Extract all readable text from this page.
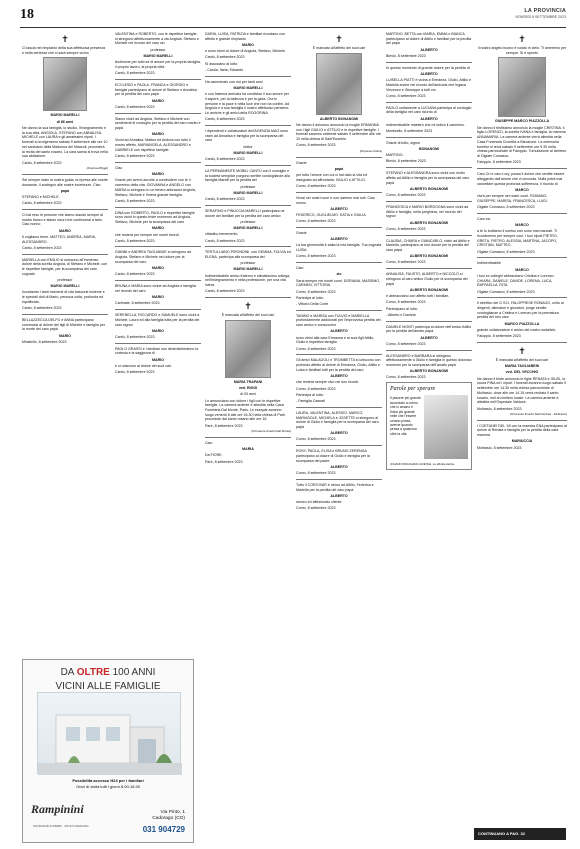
18	LA PROVINCIA
VENERDÌ 8 SETTEMBRE 2023
✝

Ci lascia nel rimpianto della sua affettuosa presenza e nella certezza che ci sarà sempre vicino

MARIO MARELLI

di 86 anni

Ne danno la sua famiglia, lo studio, l'insegnamento e la sua città, ANGIOLA, STEFANO con ANNALISA, MICHELE con LAURA e gli amatissimi nipoti. I funerali si svolgeranno sabato 9 settembre alle ore 10 nel santuario della Madonna dei Miracoli, procederà la recita del santo rosario. La cara salma si trova nella sua abitazione.

Cantù, 8 settembre 2023

(Impresa Briggi)

Sei sempre stato la nostra guida, la ripresa alle nostre domande, il sostegno alle nostre incertezze. Ciao

papà

STEFANO e MICHELE.

Cantù, 8 settembre 2023

Ci hai reso le persone che siamo stando sempre al nostro fianco e siamo sicuri che continuerai a farlo. Ciao nonno

MARIO

ti vogliamo bene. MATTEO, ANDREA, MARIA, ALESSANDRO.

Cantù, 8 settembre 2023

MARIELLA con EMILIO si uniscono all'immenso dolore della sorella Angiola, di Stefano e Michele, con le rispettive famiglie, per la scomparsa del caro cognato

professor

MARIO MARELLI

ricordando i tanti momenti di vita trascorsi insieme e le speciali doti di Mario, persona colta, profonda ed equilibrata.

Cantù, 8 settembre 2023

BELLAZZECCA DELFO e ANNA partecipano commossi al dolore dei figli di Michele e famiglia per la morte del caro papà

MARIO

Mirabello, 8 settembre 2023

VALENTINA e ROBERTO, con le rispettive famiglie, si stringono affettuosamente a zia Angiola, Stefano e Michele nel ricordo del caro zio

professor

MARIO MARELLI

testimone per tutti noi di amore per la propria famiglia, il proprio lavoro, la propria città.

Cantù, 8 settembre 2023

ECCLESIO e PAOLA, FRANCA e GIORGIO e famiglie partecipano al dolore di Stefano e Annalisa per la perdita del caro papà

MARIO

Cantù, 8 settembre 2023

Siamo vicini ad Angiola, Stefano e Michele con sentimenti di cordoglio per la perdita del caro marito e papà

MARIO

Vicini ad Annalisa, Matteo ed Andrea con tutto il nostro affetto, MARIANGELA, ALESSANDRO e GABRIELE con rispettive famiglie.

Cantù, 8 settembre 2023

Ciao

MARIO

Grazie per averci accolto a condividere con te il cammino della vita. GIOVANNA e ANGELO con MARIA si stringono in un tenero abbraccio Angiola, Stefano, Michele e l'intera grande famiglia.

Cantù, 8 settembre 2023

DINA con ROBERTO, PAOLO e rispettive famiglie sono vicini in questo triste momento ad Angiola, Stefano, Michele per la scomparsa del caro

MARIO

che resterà per sempre nei nostri ricordi.

Cantù, 8 settembre 2023

GIANNI e ANDREA TAGLIABUE si stringono ad Angiola, Stefano e Michele nel dolore per la scomparsa del caro

MARIO

Cantù, 8 settembre 2023

BRUNA e MARIA sono vicine ad Angiola e famiglia nel ricordo del caro

MARIO

Carimate, 8 settembre 2023

SERENELLA, RICCARDO e SAMUELE sono vicini a Michele, Laura ed alla famiglia tutta per la perdita del caro signor

MARIO

Cantù, 8 settembre 2023

PAOLO GRASSI e i familiari non dimenticheranno la cortesia e la saggezza di

MARIO

e si uniscono al dolore dei suoi cari.

Cantù, 8 settembre 2023

DA OLTRE 100 ANNI
VICINI ALLE FAMIGLIE
Possibilità accesso H24 per i familiari
Orari di visita tutti i giorni 8.00-18.00
Rampinini
ONORANZE FUNEBRI · ARTE FUNERARIA
Via Pinto, 1
Cadorago (CO)
031 904729

DARIA, LUISA, PATRIZIA e familiari ricordano con affetto e grande rimpianto

MARIO

e sono vicini al dolore di Angiola, Stefano, Michele.

Cantù, 8 settembre 2023

Si associano al lutto:

- Carola, Ilaria, Edoardo

Ha camminato con noi per tanti anni

MARIO MARELLI

e con fraterna amicizia ha condiviso il suo amore per il sapere, per la bellezza e per la gioia. Ora le persone e la pace e nella luce che non ha confini. Ad Angiola e a sua famiglia il nostro affettuoso pensiero. Le amiche e gli amici della ROGORINA.

Cantù, 8 settembre 2023

I dipendenti e collaboratori dell'AGENZIA MAO sono vicini ad Annalisa e famiglia per la scomparsa del caro

dottor

MARIO MARELLI

Cantù, 8 settembre 2023

LA PERMANENTE MOBILI CANTÙ con il consiglio e la società semplice porgono sentite condoglianze alla famiglia Marelli per la perdita del

professor

MARIO MARELLI

Cantù, 8 settembre 2023

SERAFINO e PINUCCIA MARELLI partecipano al dolore dei familiari per la perdita del caro amico

professor

MARIO MARELLI

cittadino benemerito.

Cantù, 8 settembre 2023

TERTULLIANO PIRONDINI, con GEMMA, FULVIA ed ELENA, partecipa alla scomparsa del

professor

MARIO MARELLI

Indimenticabile amico fraterno e stimatissimo collega, nell'insegnamento e nella professione, per una vita intera.

Cantù, 8 settembre 2023

✝

È mancata all'affetto dei suoi cari

MARIA TRAPANI

ved. RIGGI

di 93 anni

Lo annunciano con dolore i figli con le rispettive famiglie. La camera ardente è allestita nella Casa Funeraria Dal Monte, Paris. Le esequie avranno luogo venerdì 8 alle ore 16.30 nella chiesa di Parè, procedute dal santo rosario alle ore 16.

Parè, 8 settembre 2023

(Onoranze funebri Dal Monte)

Ciao

MARIA

Da FIORE.

Parè, 8 settembre 2023

✝

È mancato all'affetto dei suoi cari

ALBERTO BONANOMI

Ne danno il doloroso annuncio la moglie ERMANNA con i figli GIULIO e ATTILIO e le rispettive famiglie. I funerali saranno celebrati sabato 9 settembre alle ore 10 nella chiesa di Sant'Eusebio.

Como, 8 settembre 2023

(Impresa Colina)

Grazie

papà

per tutto l'amore con cui ci hai dato la vita ed insegnato ad affrontarla. GIULIO e ATTILIO.

Como, 8 settembre 2023

Vivrai nei nostri cuori e non saremo mai soli. Ciao nonno

ALBERTO

FEDERICO, GUGLIELMO, KATIA e GIULIA.

Como, 8 settembre 2023

Grazie

ALBERTO

La tua generosità è stata la mia famiglia. Tua cognata LUISA.

Como, 8 settembre 2023

Ciao

zio

Sarai sempre nei nostri cuori. DORIANA, MASSIMO, CARMEN, VITTORIA.

Como, 8 settembre 2023

Partecipa al lutto:

- Vittorio Della Corte

TANINO e MARISA con FULVIO e MARIELLA profondamente addolorati per l'improvvisa perdita del caro amico e consuocero

ALBERTO

sono vicini alla cara Ermanna e ai suoi figli Attilio, Giulio e rispettive famiglie.

Como, 8 settembre 2023

Gli amici MALAGOLI e TROMBETTA si uniscono con profondo affetto al dolore di Ermanna, Giulio, Attilio e Luisa e familiari tutti per la perdita del caro

ALBERTO

che resterà sempre vivo nei loro ricordi.

Como, 8 settembre 2023

Partecipa al lutto:

- Famiglia Casnati

LAURA, VALENTINA, ALESSIO, MARCO, MARIASOLE, MICHELA e JOSETTE si stringono al dolore di Giulio e famiglia per la scomparsa del caro papà

ALBERTO

Como, 8 settembre 2023

ROSY, PAOLA, ELISA e BRUNO ZERENGA partecipano al dolore di Giulio e famiglia per la scomparsa del padre

ALBERTO

Como, 8 settembre 2023

Tutto il CORO BAR è vicino ad Attilio, Federica e Mariella per la perdita del caro papà

ALBERTO

storico ed affezionato cliente.

Como, 8 settembre 2023

MARTINO, BETTA con MARIA, EMMA e BIANCA partecipano al dolore di Attilio e familiari per la perdita del papà

ALBERTO

Blevio, 8 settembre 2023

In questo momento di grande dolore per la perdita di

ALBERTO

LUISELLA PIATTI è vicina a Ermanna, Giulio, Attilio e Mariella anche nel ricordo dell'amicizia che legava Vincenzo e Giuseppe a tutti voi.

Como, 8 settembre 2023

PAOLO unitamente a LUCIANA partecipa al cordoglio della famiglia nel caro ricordo di

ALBERTO

indimenticabile maestro che mi indicò il cammino.

Monticello, 8 settembre 2023

Grazie di tutto, signor

BONANOMI

MARTINO.

Blevio, 8 settembre 2023

STEFANO e ALESSANDRA sono vicini con molto affetto ad Attilio e famiglia per la scomparsa del caro papà

ALBERTO BONANOMI

Como, 8 settembre 2023

FRANCESCA e MARIO BORDOGNA sono vicini ad Attilio e famiglia, nella preghiera, nel ricordo del signor

ALBERTO BONANOMI

Como, 8 settembre 2023

CLAUDIA, CHIARA e GIANCARLO, vicini ad Attilio e Mariella, partecipano al loro dolore per la perdita del caro papà

ALBERTO BONANOMI

Como, 8 settembre 2023

ANNALISA, FAUSTO, ALBERTO e NICCOLÒ si stringono al caro amico Giulio per la scomparsa del papà

ALBERTO BONANOMI

e abbracciano con affetto tutti i familiari.

Como, 8 settembre 2023

Partecipano al lutto:

- Alberto e Daniela

DANIELE MONTI partecipa al dolore dell'amico Attilio per la perdita dell'amato papà

ALBERTO

Como, 8 settembre 2023

ALESSANDRO e BARBARA si stringono affettuosamente a Giulio e famiglia in questo doloroso momento per la scomparsa dell'amato papà

ALBERTO BONANOMI

Como, 8 settembre 2023

Parole per sperare
Il piacere più grande accordato a coloro che ci amano è l'idea più grande nelle che l'essere umano possa averne quando pensa a qualcosa oltre la vita.
JOHANN WOLFGANG GOETHE, Le affinità elettive
✝

Il nostro angelo buono è volato in cielo. Ti ameremo per sempre. Si è spento

GIUSEPPE MARCO PIAZZOLLA

Ne danno il tristissimo annuncio la moglie CRISTINA, il figlio LORENZO, la sorella IVANA e famiglia, la mamma ANNAMARIA. La camera ardente verrà allestita nella Casa Funeraria Crocetta a Bizzarone. La cerimonia funebre si terrà sabato 9 settembre ore 9.30 nella chiesa parrocchiale di Faloppio. Tumulazione al cimitero di Olgiate Comasco.

Faloppio, 8 settembre 2023

Caro Cri e caro Lory, possa il dolore che sentite essere alleggerito dall'amore che vi circonda. Nulla potrà mai cancellare questa profonda sofferenza. Il ricordo di

MARCO

vivrà per sempre nei nostri cuori. ROMANO, GIUSEPPE, MARISA, FRANCESCA, LUIGI.

Olgiate Comasco, 8 settembre 2023

Caro zio

MARCO

a te lo buttiamo il sorriso non sono mai mancati. Ti ricorderemo per sempre così. I tuoi nipoti PIETRO, GRETA, PIETRO, ALESSIA, MARTINA, JACOPO, CRISTIAN, MATTEO.

Olgiate Comasco, 8 settembre 2023

Indimenticabile

MARCO

I tuoi ex colleghi abbracciano Cristina e Lorenzo. CHIARA, DANIELE, DAVIDE, LORENA, LUCA, RAFFAELLA, RITA.

Olgiate Comasco, 8 settembre 2023

Il direttivo del G.S.D. FALOPPIESE RONAGO, unito ai dirigenti, allenatori e giocatori, porge sentite condoglianze a Cristina e Lorenzo per la prematura perdita del loro caro

MARCO PIAZZOLLA

grande collaboratore e amico del nostro sodalizio.

Faloppio, 8 settembre 2023

✝

È mancata all'affetto dei suoi cari

MARIA TAGLIABENI

ved. DEL VECCHIO

Ne danno il triste annuncio le figlie RENATA e GIUSI, la nuora PINA ed i nipoti. I funerali avranno luogo sabato 9 settembre ore 14.30 nella chiesa parrocchiale di Moltrasio, dove alle ore 14.15 verrà recitato il santo rosario, indi al cimitero locale. La camera ardente è allestita nell'Ospedale Valduce.

Moltrasio, 8 settembre 2023

(Onoranze funebri Sant'Andrea - Moltrasio)

I COETANEI DEL '49 con la maestra ENA partecipano al dolore di Renata e famiglia per la perdita della cara mamma

MARIUCCIA

Moltrasio, 8 settembre 2023

CONTINUANO A PAG. 32
